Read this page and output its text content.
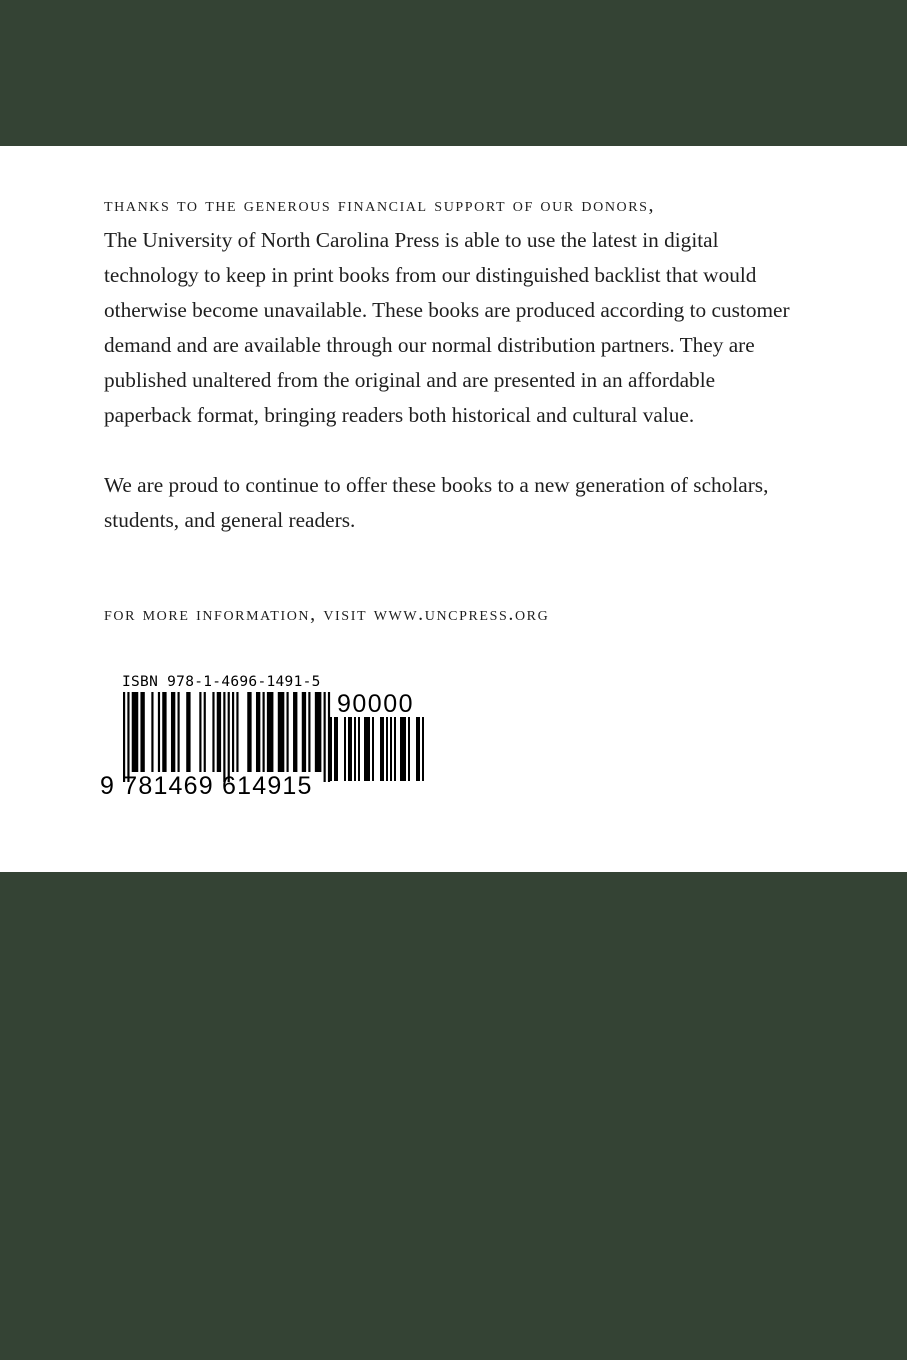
thanks to the generous financial support of our donors,
The University of North Carolina Press is able to use the latest in digital technology to keep in print books from our distinguished backlist that would otherwise become unavailable. These books are produced according to customer demand and are available through our normal distribution partners. They are published unaltered from the original and are presented in an affordable paperback format, bringing readers both historical and cultural value.

We are proud to continue to offer these books to a new generation of scholars, students, and general readers.

for more information, visit www.uncpress.org
ISBN 978-1-4696-1491-5
90000
9 781469 614915
